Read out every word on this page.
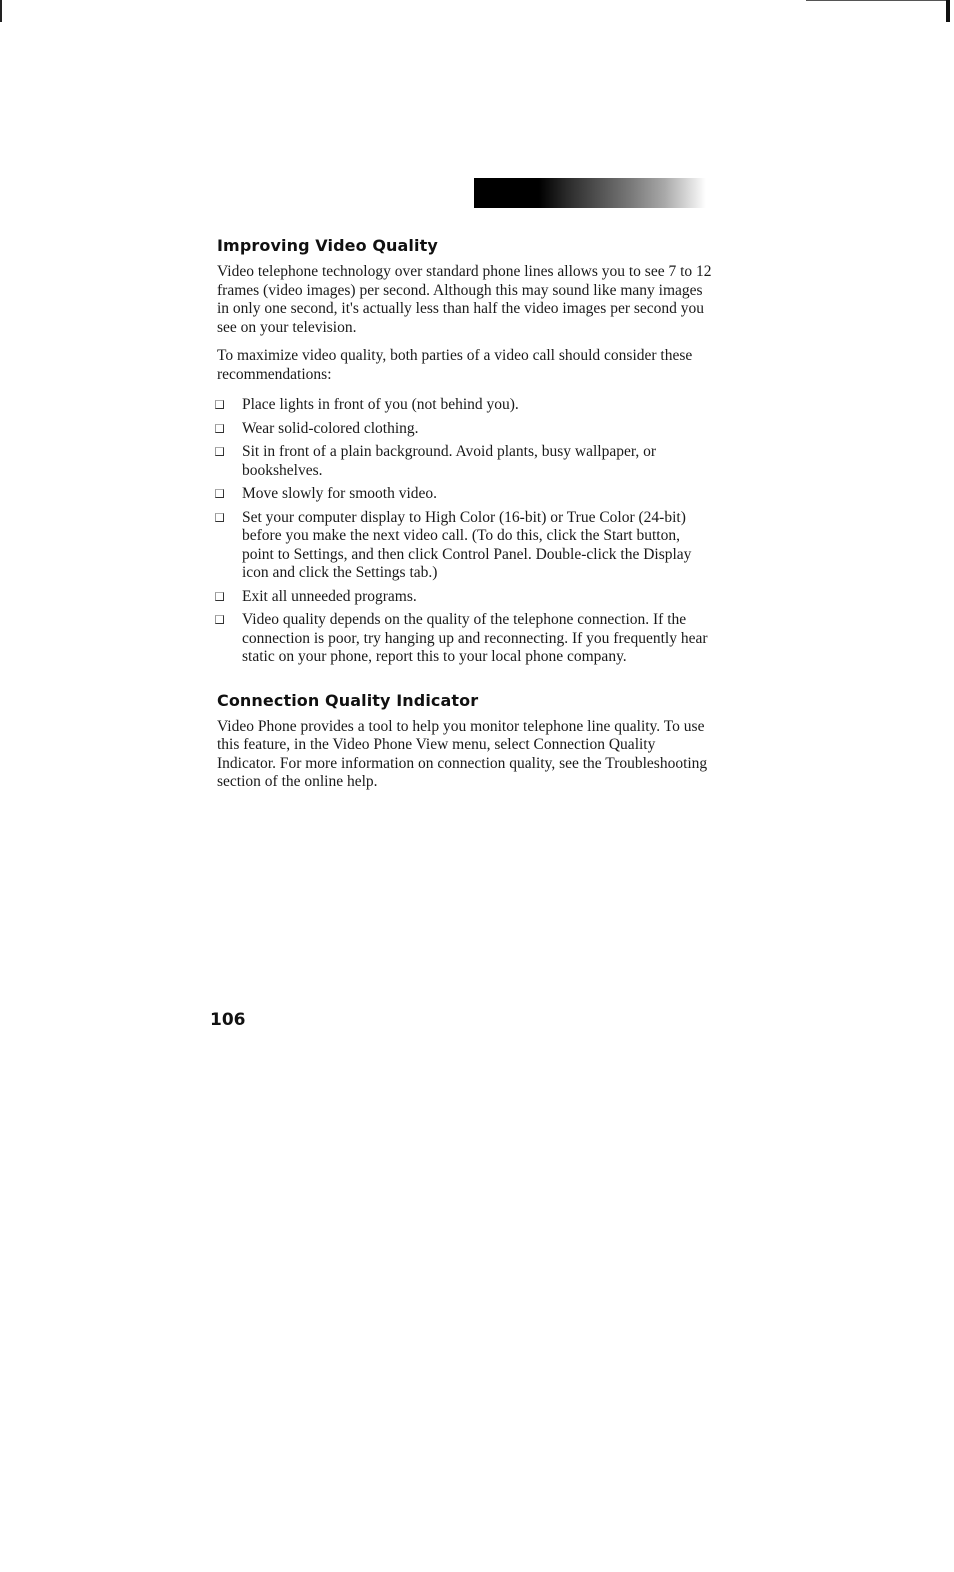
Improving Video Quality

Video telephone technology over standard phone lines allows you to see 7 to 12 frames (video images) per second. Although this may sound like many images in only one second, it's actually less than half the video images per second you see on your television.

To maximize video quality, both parties of a video call should consider these recommendations:

Place lights in front of you (not behind you).
Wear solid-colored clothing.
Sit in front of a plain background. Avoid plants, busy wallpaper, or bookshelves.
Move slowly for smooth video.
Set your computer display to High Color (16-bit) or True Color (24-bit) before you make the next video call. (To do this, click the Start button, point to Settings, and then click Control Panel. Double-click the Display icon and click the Settings tab.)
Exit all unneeded programs.
Video quality depends on the quality of the telephone connection. If the connection is poor, try hanging up and reconnecting. If you frequently hear static on your phone, report this to your local phone company.
Connection Quality Indicator

Video Phone provides a tool to help you monitor telephone line quality. To use this feature, in the Video Phone View menu, select Connection Quality Indicator. For more information on connection quality, see the Troubleshooting section of the online help.

106
